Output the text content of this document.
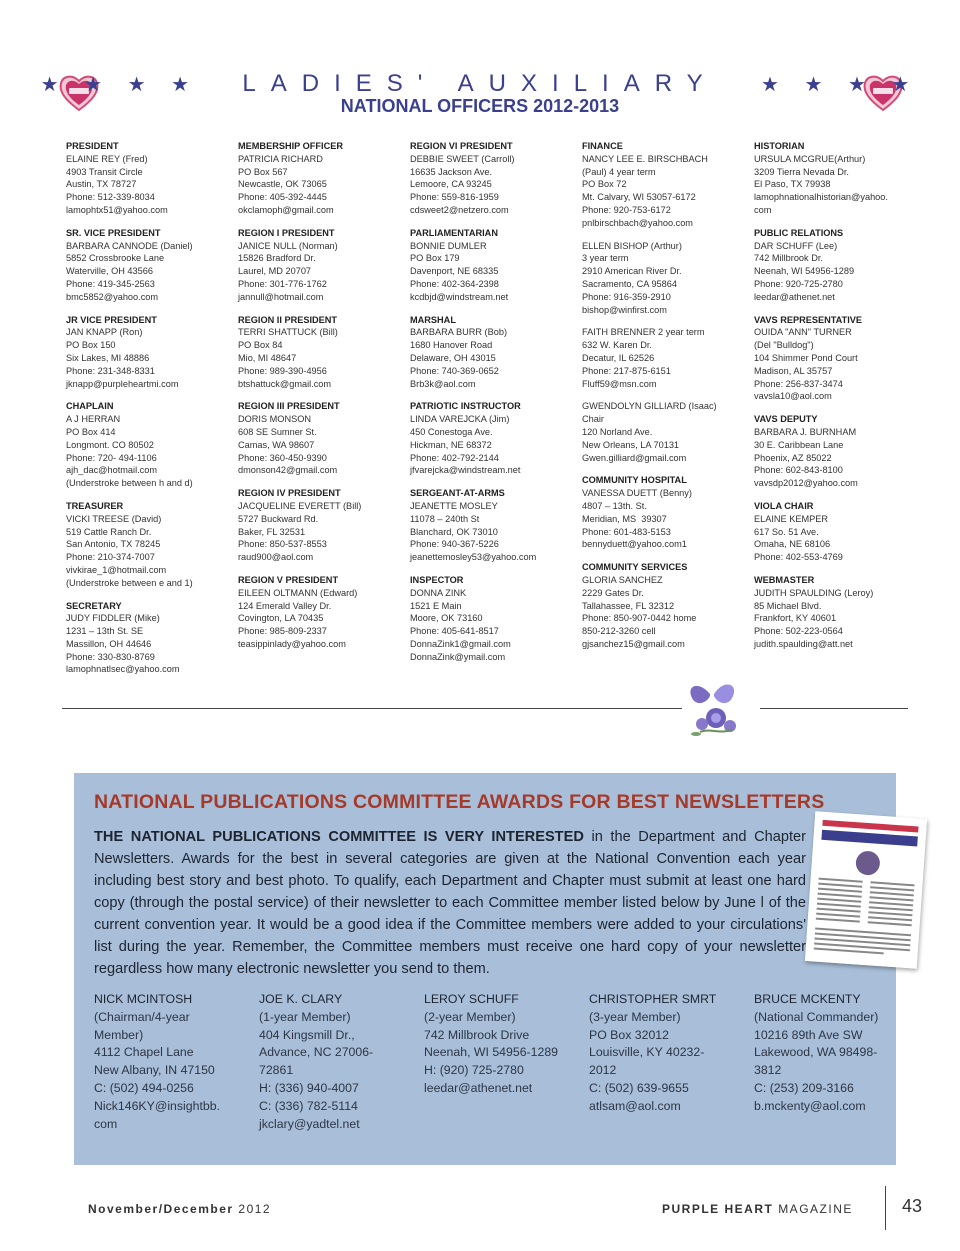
★ ★ ★ ★ LADIES' AUXILIARY ★ ★ ★ ★
NATIONAL OFFICERS 2012-2013
PRESIDENT
ELAINE REY (Fred)
4903 Transit Circle
Austin, TX 78727
Phone: 512-339-8034
lamophtx51@yahoo.com
SR. VICE PRESIDENT
BARBARA CANNODE (Daniel)
5852 Crossbrooke Lane
Waterville, OH 43566
Phone: 419-345-2563
bmc5852@yahoo.com
JR VICE PRESIDENT
JAN KNAPP (Ron)
PO Box 150
Six Lakes, MI 48886
Phone: 231-348-8331
jknapp@purpleheartmi.com
CHAPLAIN
A J HERRAN
PO Box 414
Longmont. CO 80502
Phone: 720- 494-1106
ajh_dac@hotmail.com
(Understroke between h and d)
TREASURER
VICKI TREESE (David)
519 Cattle Ranch Dr.
San Antonio, TX 78245
Phone: 210-374-7007
vivkirae_1@hotmail.com
(Understroke between e and 1)
SECRETARY
JUDY FIDDLER (Mike)
1231 – 13th St. SE
Massillon, OH 44646
Phone: 330-830-8769
lamophnatlsec@yahoo.com
MEMBERSHIP OFFICER
PATRICIA RICHARD
PO Box 567
Newcastle, OK 73065
Phone: 405-392-4445
okclamoph@gmail.com
REGION I PRESIDENT
JANICE NULL (Norman)
15826 Bradford Dr.
Laurel, MD 20707
Phone: 301-776-1762
jannull@hotmail.com
REGION II PRESIDENT
TERRI SHATTUCK (Bill)
PO Box 84
Mio, MI 48647
Phone: 989-390-4956
btshattuck@gmail.com
REGION III PRESIDENT
DORIS MONSON
608 SE Sumner St.
Camas, WA 98607
Phone: 360-450-9390
dmonson42@gmail.com
REGION IV PRESIDENT
JACQUELINE EVERETT (Bill)
5727 Buckward Rd.
Baker, FL 32531
Phone: 850-537-8553
raud900@aol.com
REGION V PRESIDENT
EILEEN OLTMANN (Edward)
124 Emerald Valley Dr.
Covington, LA 70435
Phone: 985-809-2337
teasippinlady@yahoo.com
REGION VI PRESIDENT
DEBBIE SWEET (Carroll)
16635 Jackson Ave.
Lemoore, CA 93245
Phone: 559-816-1959
cdsweet2@netzero.com
PARLIAMENTARIAN
BONNIE DUMLER
PO Box 179
Davenport, NE 68335
Phone: 402-364-2398
kcdbjd@windstream.net
MARSHAL
BARBARA BURR (Bob)
1680 Hanover Road
Delaware, OH 43015
Phone: 740-369-0652
Brb3k@aol.com
PATRIOTIC INSTRUCTOR
LINDA VAREJCKA (Jim)
450 Conestoga Ave.
Hickman, NE 68372
Phone: 402-792-2144
jfvarejcka@windstream.net
SERGEANT-AT-ARMS
JEANETTE MOSLEY
11078 – 240th St
Blanchard, OK 73010
Phone: 940-367-5226
jeanettemosley53@yahoo.com
INSPECTOR
DONNA ZINK
1521 E Main
Moore, OK 73160
Phone: 405-641-8517
DonnaZink1@gmail.com
DonnaZink@ymail.com
FINANCE
NANCY LEE E. BIRSCHBACH
(Paul) 4 year term
PO Box 72
Mt. Calvary, WI 53057-6172
Phone: 920-753-6172
pnlbirschbach@yahoo.com
ELLEN BISHOP (Arthur)
3 year term
2910 American River Dr.
Sacramento, CA 95864
Phone: 916-359-2910
bishop@winfirst.com
FAITH BRENNER 2 year term
632 W. Karen Dr.
Decatur, IL 62526
Phone: 217-875-6151
Fluff59@msn.com
GWENDOLYN GILLIARD (Isaac)
Chair
120 Norland Ave.
New Orleans, LA 70131
Gwen.gilliard@gmail.com
COMMUNITY HOSPITAL
VANESSA DUETT (Benny)
4807 – 13th. St.
Meridian, MS  39307
Phone: 601-483-5153
bennyduett@yahoo.com1
COMMUNITY SERVICES
GLORIA SANCHEZ
2229 Gates Dr.
Tallahassee, FL 32312
Phone: 850-907-0442 home
850-212-3260 cell
gjsanchez15@gmail.com
HISTORIAN
URSULA MCGRUE(Arthur)
3209 Tierra Nevada Dr.
El Paso, TX 79938
lamophnationalhistorian@yahoo.
com
PUBLIC RELATIONS
DAR SCHUFF (Lee)
742 Millbrook Dr.
Neenah, WI 54956-1289
Phone: 920-725-2780
leedar@athenet.net
VAVS REPRESENTATIVE
OUIDA "ANN" TURNER
(Del "Bulldog")
104 Shimmer Pond Court
Madison, AL 35757
Phone: 256-837-3474
vavsla10@aol.com
VAVS DEPUTY
BARBARA J. BURNHAM
30 E. Caribbean Lane
Phoenix, AZ 85022
Phone: 602-843-8100
vavsdp2012@yahoo.com
VIOLA CHAIR
ELAINE KEMPER
617 So. 51 Ave.
Omaha, NE 68106
Phone: 402-553-4769
WEBMASTER
JUDITH SPAULDING (Leroy)
85 Michael Blvd.
Frankfort, KY 40601
Phone: 502-223-0564
judith.spaulding@att.net
NATIONAL PUBLICATIONS COMMITTEE AWARDS FOR BEST NEWSLETTERS
THE NATIONAL PUBLICATIONS COMMITTEE IS VERY INTERESTED in the Department and Chapter Newsletters. Awards for the best in several categories are given at the National Convention each year including best story and best photo. To qualify, each Department and Chapter must submit at least one hard copy (through the postal service) of their newsletter to each Committee member listed below by June l of the current convention year. It would be a good idea if the Committee members were added to your circulations' list during the year. Remember, the Committee members must receive one hard copy of your newsletter regardless how many electronic newsletter you send to them.
NICK MCINTOSH
(Chairman/4-year
Member)
4112 Chapel Lane
New Albany, IN 47150
C: (502) 494-0256
Nick146KY@insightbb.
com
JOE K. CLARY
(1-year Member)
404 Kingsmill Dr.,
Advance, NC 27006-
72861
H: (336) 940-4007
C: (336) 782-5114
jkclary@yadtel.net
LEROY SCHUFF
(2-year Member)
742 Millbrook Drive
Neenah, WI 54956-1289
H: (920) 725-2780
leedar@athenet.net
CHRISTOPHER SMRT
(3-year Member)
PO Box 32012
Louisville, KY 40232-
2012
C: (502) 639-9655
atlsam@aol.com
BRUCE MCKENTY
(National Commander)
10216 89th Ave SW
Lakewood, WA 98498-
3812
C: (253) 209-3166
b.mckenty@aol.com
November/December 2012	PURPLE HEART MAGAZINE	43
